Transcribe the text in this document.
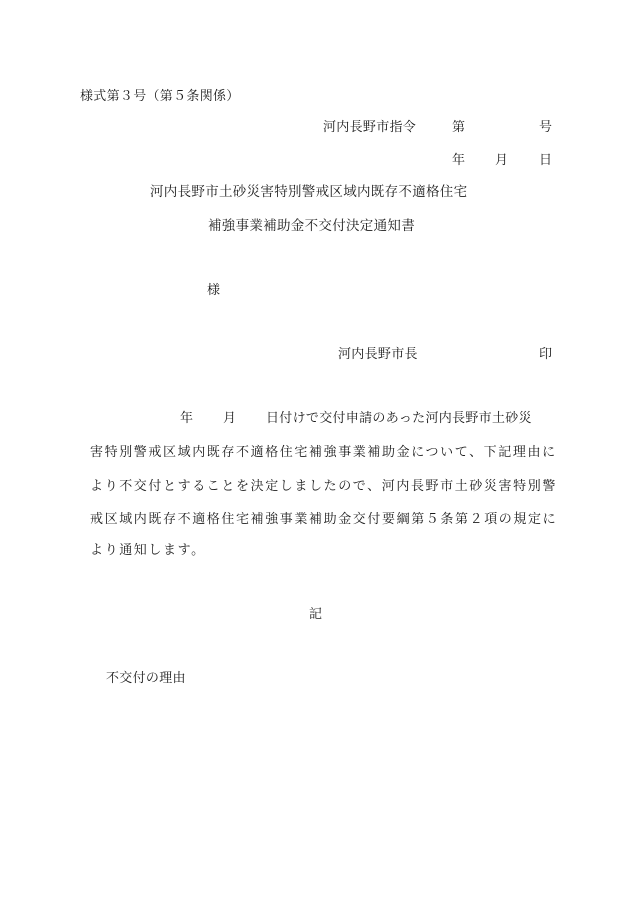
様式第３号（第５条関係）
河内長野市指令	第	号
年 月 日
河内長野市土砂災害特別警戒区域内既存不適格住宅
補強事業補助金不交付決定通知書
様
河内長野市長	印
年 月 日付けで交付申請のあった河内長野市土砂災
害特別警戒区域内既存不適格住宅補強事業補助金について、下記理由に
より不交付とすることを決定しましたので、河内長野市土砂災害特別警
戒区域内既存不適格住宅補強事業補助金交付要綱第５条第２項の規定に
より通知します。
記
不交付の理由
